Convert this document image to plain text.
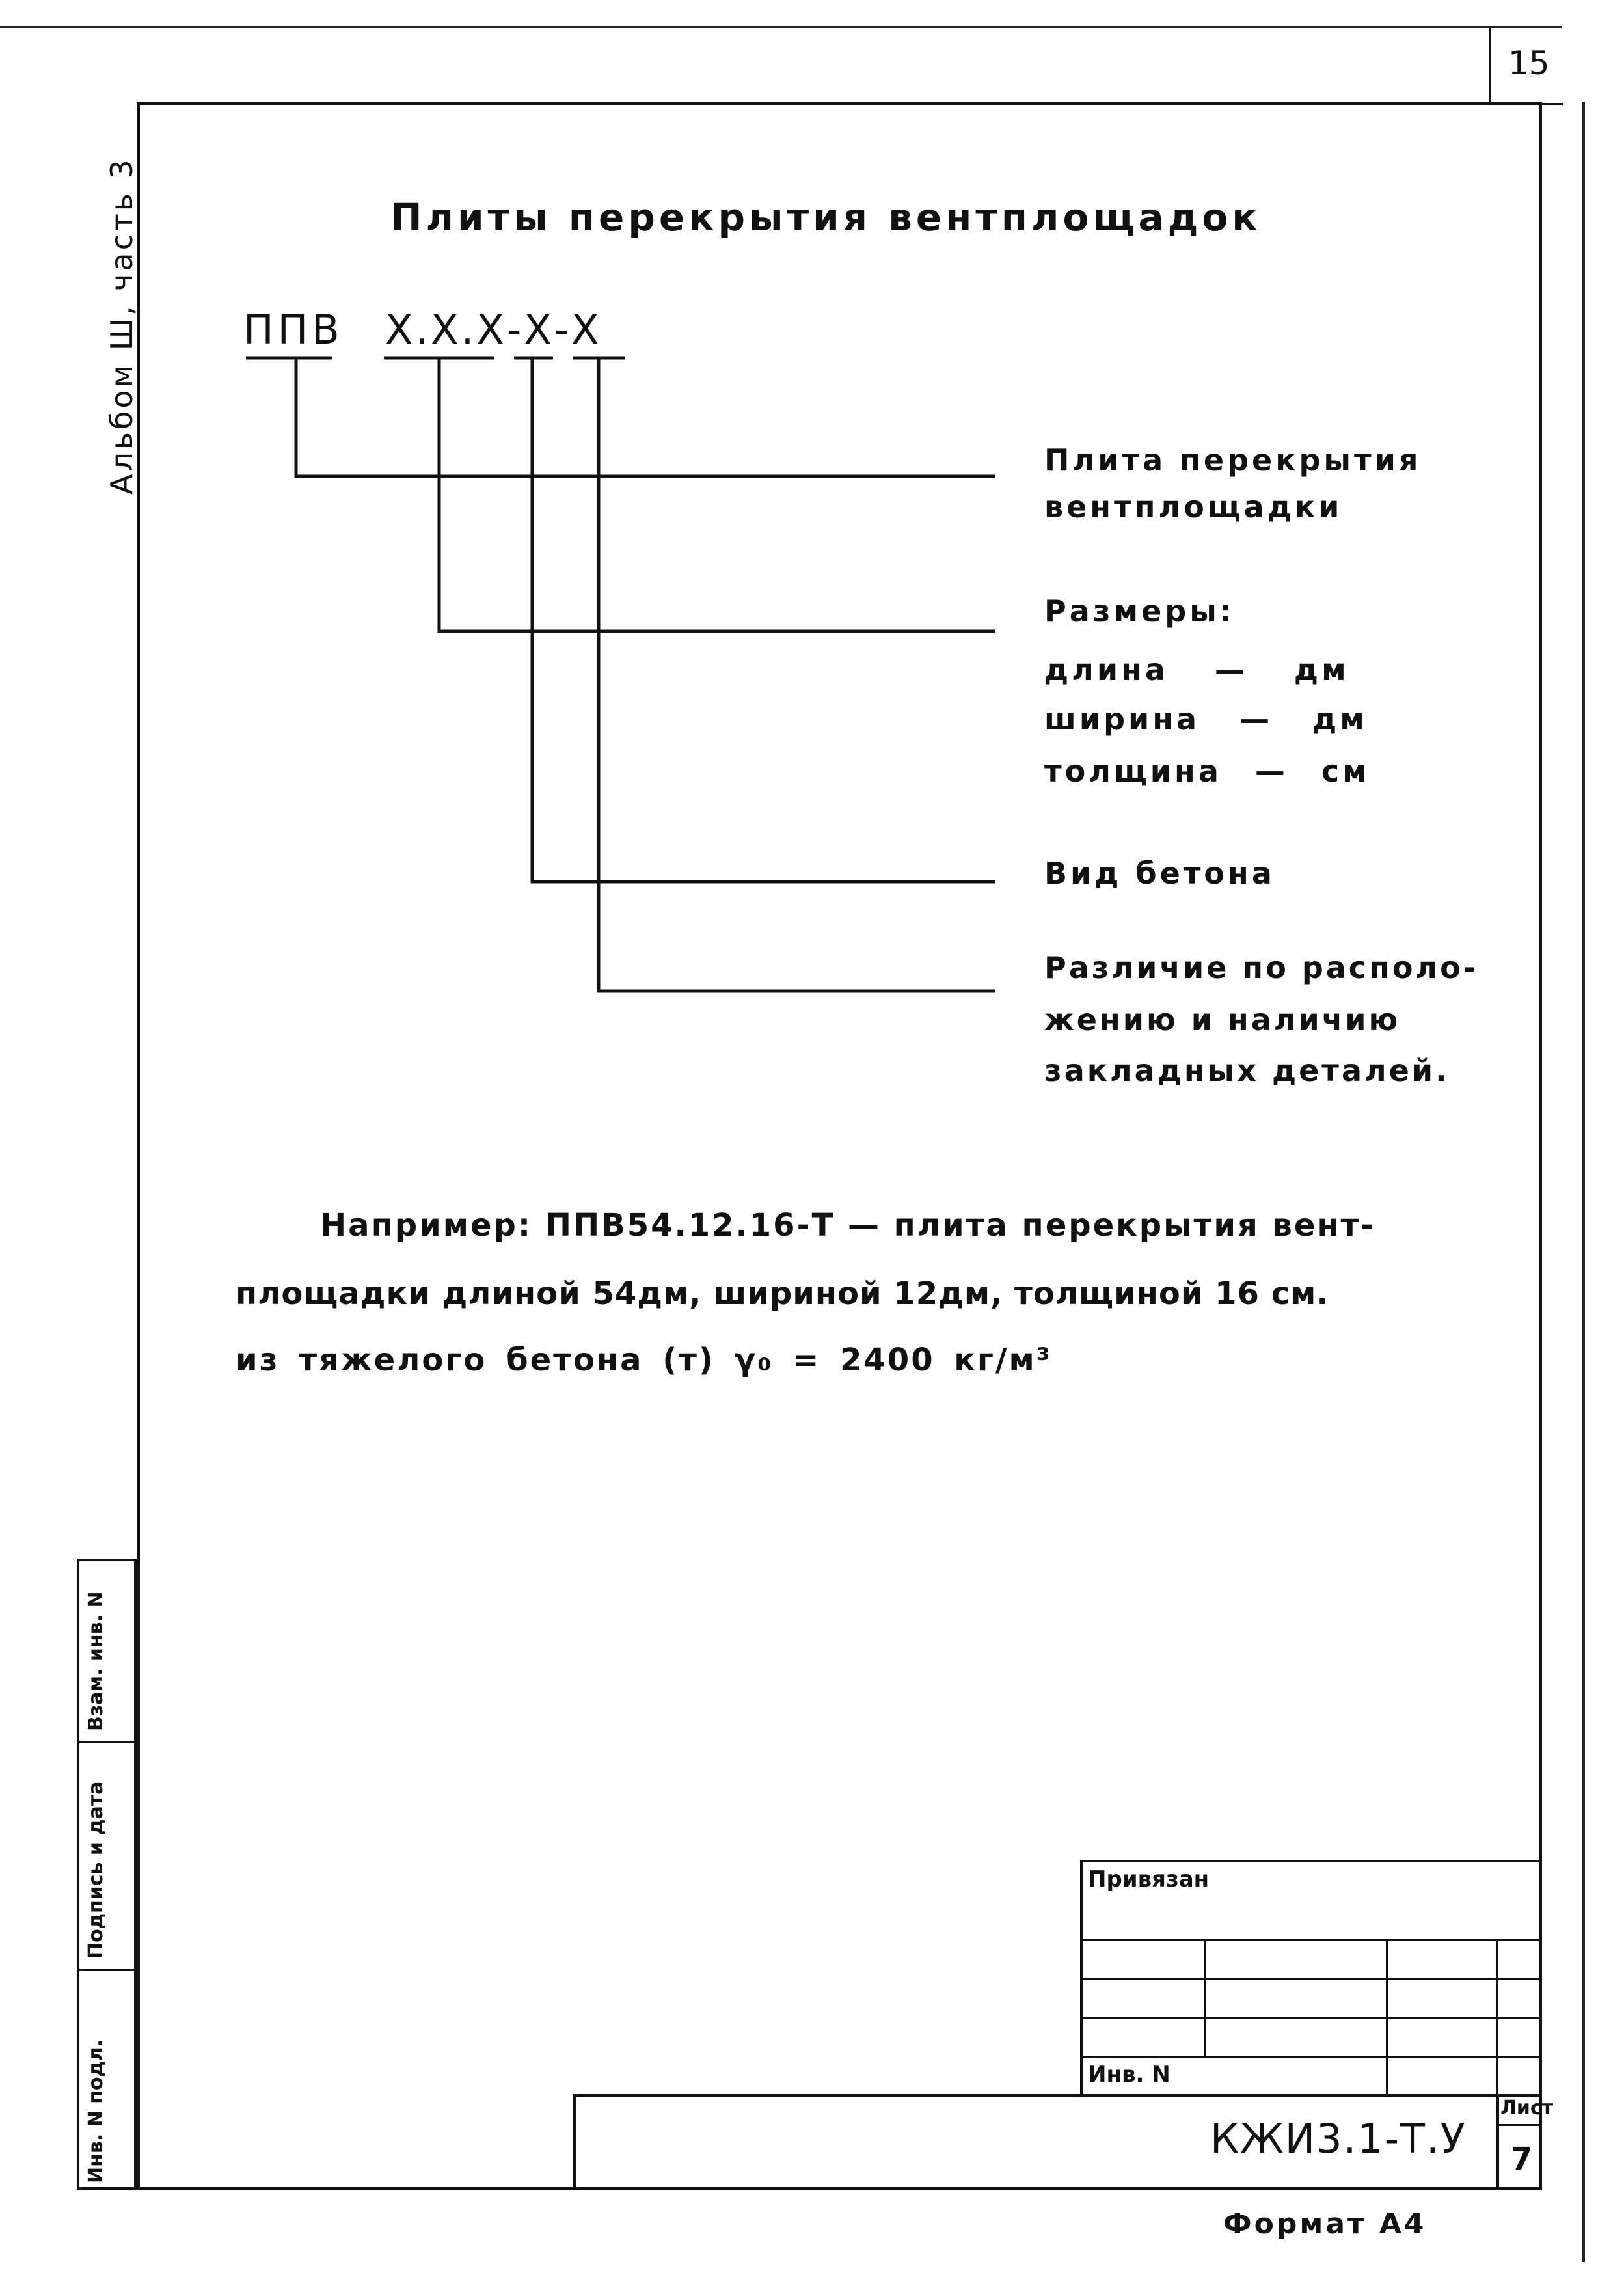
15
Альбом Ш, часть 3
Взам. инв. N
Подпись и дата
Инв. N подл.
Плиты перекрытия вентплощадок
ППВ Х.Х.Х-Х-Х
Плита перекрытия
вентплощадки
Размеры:
длина — дм
ширина — дм
толщина — см
Вид бетона
Различие по располо-
жению и наличию
закладных деталей.
Например: ППВ54.12.16-Т — плита перекрытия вент-
площадки длиной 54дм, шириной 12дм, толщиной 16 см.
из тяжелого бетона (т) γ₀ = 2400 кг/м³
Привязан
Инв. N
КЖИ3.1-Т.У
Лист
7
Формат А4
